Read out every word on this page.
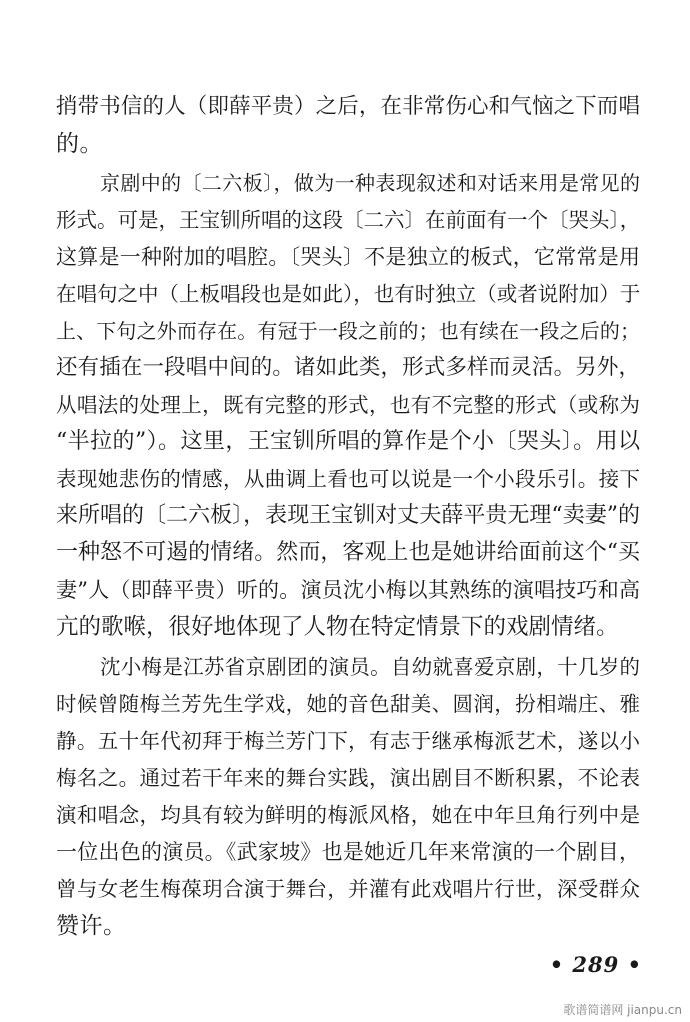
捎带书信的人（即薛平贵）之后，在非常伤心和气恼之下而唱
的。
京剧中的〔二六板〕，做为一种表现叙述和对话来用是常见的
形式。可是，王宝钏所唱的这段〔二六〕在前面有一个〔哭头〕，
这算是一种附加的唱腔。〔哭头〕不是独立的板式，它常常是用
在唱句之中（上板唱段也是如此），也有时独立（或者说附加）于
上、下句之外而存在。有冠于一段之前的；也有续在一段之后的；
还有插在一段唱中间的。诸如此类，形式多样而灵活。另外，
从唱法的处理上，既有完整的形式，也有不完整的形式（或称为
“半拉的”）。这里，王宝钏所唱的算作是个小〔哭头〕。用以
表现她悲伤的情感，从曲调上看也可以说是一个小段乐引。接下
来所唱的〔二六板〕，表现王宝钏对丈夫薛平贵无理“卖妻”的
一种怒不可遏的情绪。然而，客观上也是她讲给面前这个“买
妻”人（即薛平贵）听的。演员沈小梅以其熟练的演唱技巧和高
亢的歌喉，很好地体现了人物在特定情景下的戏剧情绪。
沈小梅是江苏省京剧团的演员。自幼就喜爱京剧，十几岁的
时候曾随梅兰芳先生学戏，她的音色甜美、圆润，扮相端庄、雅
静。五十年代初拜于梅兰芳门下，有志于继承梅派艺术，遂以小
梅名之。通过若干年来的舞台实践，演出剧目不断积累，不论表
演和唱念，均具有较为鲜明的梅派风格，她在中年旦角行列中是
一位出色的演员。《武家坡》也是她近几年来常演的一个剧目，
曾与女老生梅葆玥合演于舞台，并灌有此戏唱片行世，深受群众
赞许。
• 289 •
歌谱简谱网 jianpu.cn
